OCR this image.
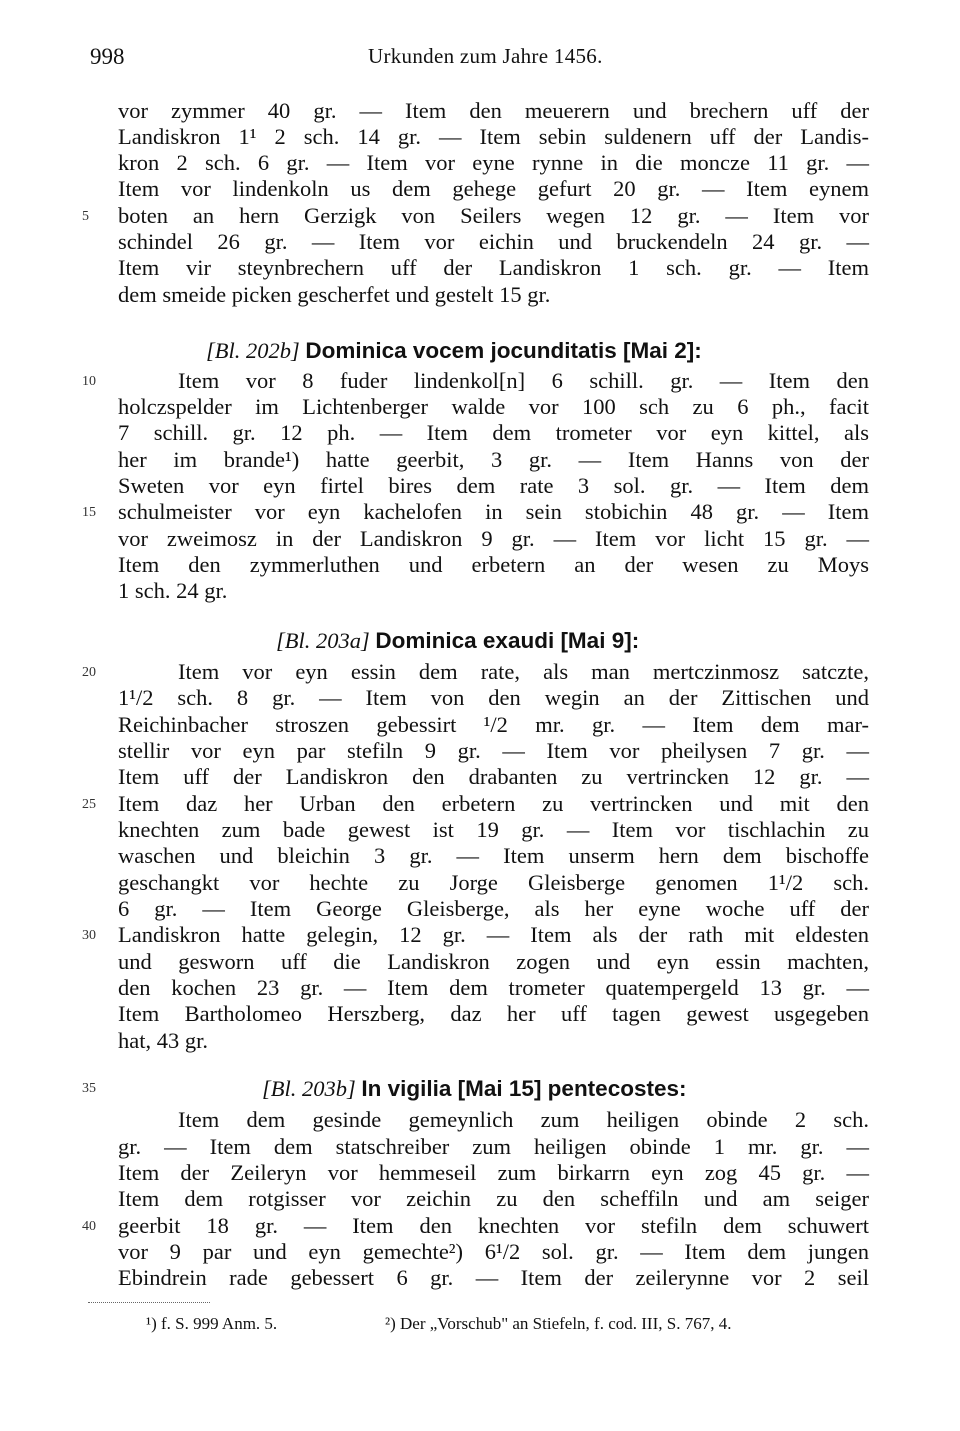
998	Urkunden zum Jahre 1456.
vor zymmer 40 gr. — Item den meuerern und brechern uff der
Landiskron 1¹ 2 sch. 14 gr. — Item sebin suldenern uff der Landis-
kron 2 sch. 6 gr. — Item vor eyne rynne in die moncze 11 gr. —
Item vor lindenkoln us dem gehege gefurt 20 gr. — Item eynem
boten an hern Gerzigk von Seilers wegen 12 gr. — Item vor
schindel 26 gr. — Item vor eichin und bruckendeln 24 gr. —
Item vir steynbrechern uff der Landiskron 1 sch. gr. — Item
dem smeide picken gescherfet und gestelt 15 gr.
[Bl. 202b] Dominica vocem jocunditatis [Mai 2]:
Item vor 8 fuder lindenkol[n] 6 schill. gr. — Item den
holczspelder im Lichtenberger walde vor 100 sch zu 6 ph., facit
7 schill. gr. 12 ph. — Item dem trometer vor eyn kittel, als
her im brande¹) hatte geerbit, 3 gr. — Item Hanns von der
Sweten vor eyn firtel bires dem rate 3 sol. gr. — Item dem
schulmeister vor eyn kachelofen in sein stobichin 48 gr. — Item
vor zweimosz in der Landiskron 9 gr. — Item vor licht 15 gr. —
Item den zymmerluthen und erbetern an der wesen zu Moys
1 sch. 24 gr.
[Bl. 203a] Dominica exaudi [Mai 9]:
Item vor eyn essin dem rate, als man mertczinmosz satczte,
1¹/2 sch. 8 gr. — Item von den wegin an der Zittischen und
Reichinbacher stroszen gebessirt ¹/2 mr. gr. — Item dem mar-
stellir vor eyn par stefiln 9 gr. — Item vor pheilysen 7 gr. —
Item uff der Landiskron den drabanten zu vertrincken 12 gr. —
Item daz her Urban den erbetern zu vertrincken und mit den
knechten zum bade gewest ist 19 gr. — Item vor tischlachin zu
waschen und bleichin 3 gr. — Item unserm hern dem bischoffe
geschangkt vor hechte zu Jorge Gleisberge genomen 1¹/2 sch.
6 gr. — Item George Gleisberge, als her eyne woche uff der
Landiskron hatte gelegin, 12 gr. — Item als der rath mit eldesten
und gesworn uff die Landiskron zogen und eyn essin machten,
den kochen 23 gr. — Item dem trometer quatempergeld 13 gr. —
Item Bartholomeo Herszberg, daz her uff tagen gewest usgegeben
hat, 43 gr.
[Bl. 203b] In vigilia [Mai 15] pentecostes:
Item dem gesinde gemeynlich zum heiligen obinde 2 sch.
gr. — Item dem statschreiber zum heiligen obinde 1 mr. gr. —
Item der Zeileryn vor hemmeseil zum birkarrn eyn zog 45 gr. —
Item dem rotgisser vor zeichin zu den scheffiln und am seiger
geerbit 18 gr. — Item den knechten vor stefiln dem schuwert
vor 9 par und eyn gemechte²) 6¹/2 sol. gr. — Item dem jungen
Ebindrein rade gebessert 6 gr. — Item der zeilerynne vor 2 seil
5
10
15
20
25
30
35
40
¹) f. S. 999 Anm. 5.	²) Der „Vorschub" an Stiefeln, f. cod. III, S. 767, 4.
